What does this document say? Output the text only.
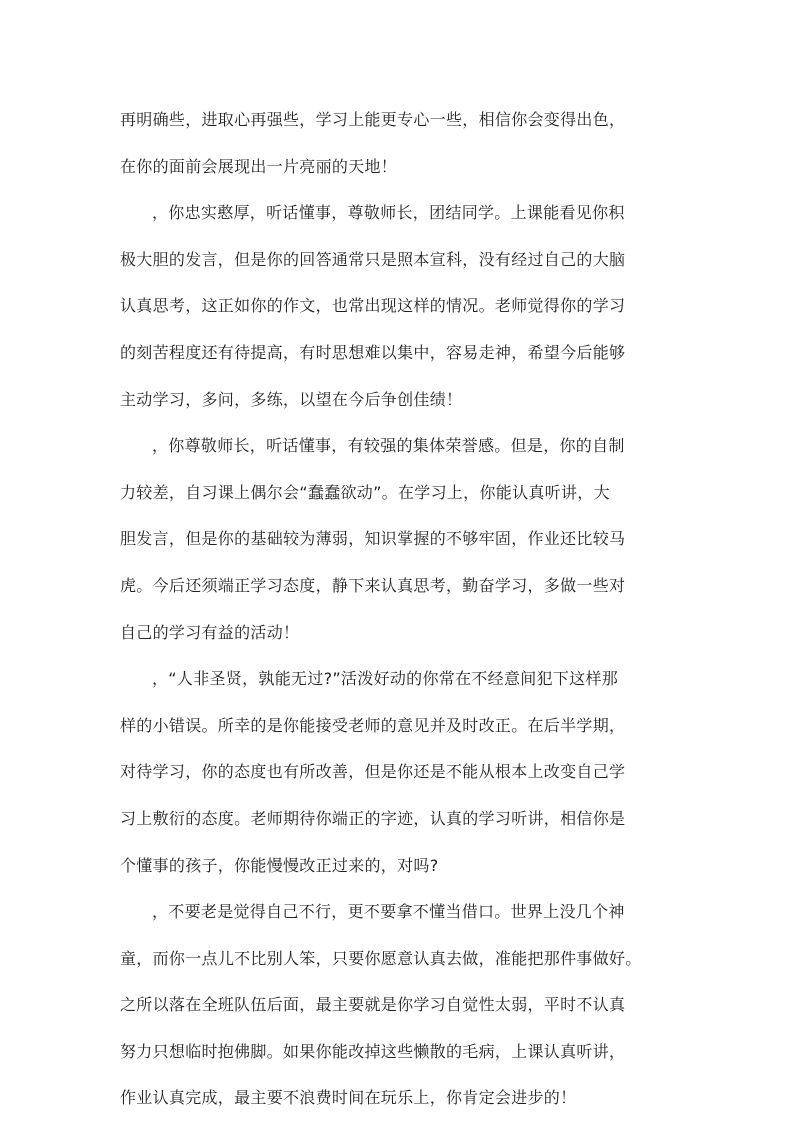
再明确些，进取心再强些，学习上能更专心一些，相信你会变得出色，
在你的面前会展现出一片亮丽的天地！
，你忠实憨厚，听话懂事，尊敬师长，团结同学。上课能看见你积
极大胆的发言，但是你的回答通常只是照本宣科，没有经过自己的大脑
认真思考，这正如你的作文，也常出现这样的情况。老师觉得你的学习
的刻苦程度还有待提高，有时思想难以集中，容易走神，希望今后能够
主动学习，多问，多练，以望在今后争创佳绩！
，你尊敬师长，听话懂事，有较强的集体荣誉感。但是，你的自制
力较差，自习课上偶尔会“蠢蠢欲动”。在学习上，你能认真听讲，大
胆发言，但是你的基础较为薄弱，知识掌握的不够牢固，作业还比较马
虎。今后还须端正学习态度，静下来认真思考，勤奋学习，多做一些对
自己的学习有益的活动！
，“人非圣贤，孰能无过?”活泼好动的你常在不经意间犯下这样那
样的小错误。所幸的是你能接受老师的意见并及时改正。在后半学期，
对待学习，你的态度也有所改善，但是你还是不能从根本上改变自己学
习上敷衍的态度。老师期待你端正的字迹，认真的学习听讲，相信你是
个懂事的孩子，你能慢慢改正过来的，对吗?
，不要老是觉得自己不行，更不要拿不懂当借口。世界上没几个神
童，而你一点儿不比别人笨，只要你愿意认真去做，准能把那件事做好。
之所以落在全班队伍后面，最主要就是你学习自觉性太弱，平时不认真
努力只想临时抱佛脚。如果你能改掉这些懒散的毛病，上课认真听讲，
作业认真完成，最主要不浪费时间在玩乐上，你肯定会进步的！
